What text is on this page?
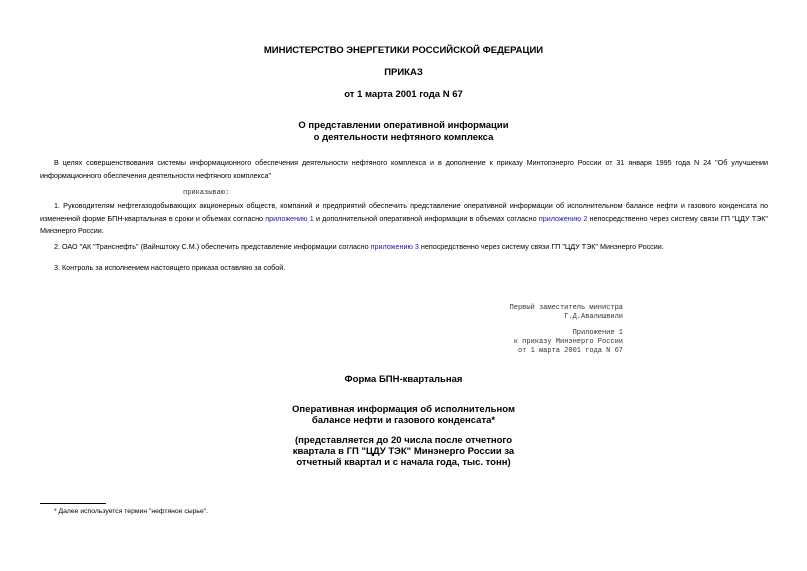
МИНИСТЕРСТВО ЭНЕРГЕТИКИ РОССИЙСКОЙ ФЕДЕРАЦИИ
ПРИКАЗ
от 1 марта 2001 года N 67
О представлении оперативной информации
о деятельности нефтяного комплекса
В целях совершенствования системы информационного обеспечения деятельности нефтяного комплекса и в дополнение к приказу Минтопэнерго России от 31 января 1995 года N 24 "Об улучшении информационного обеспечения деятельности нефтяного комплекса"
приказываю:
1. Руководителям нефтегазодобывающих акционерных обществ, компаний и предприятий обеспечить представление оперативной информации об исполнительном балансе нефти и газового конденсата по измененной форме БПН-квартальная в сроки и объемах согласно приложению 1 и дополнительной оперативной информации в объемах согласно приложению 2 непосредственно через систему связи ГП "ЦДУ ТЭК" Минэнерго России.
2. ОАО "АК "Транснефть" (Вайнштоку С.М.) обеспечить представление информации согласно приложению 3 непосредственно через систему связи ГП "ЦДУ ТЭК" Минэнерго России.
3. Контроль за исполнением настоящего приказа оставляю за собой.
Первый заместитель министра
Г.Д.Авалишвили
Приложение 1
к приказу Минэнерго России
от 1 марта 2001 года N 67
Форма БПН-квартальная
Оперативная информация об исполнительном
балансе нефти и газового конденсата*
(представляется до 20 числа после отчетного
квартала в ГП "ЦДУ ТЭК" Минэнерго России за
отчетный квартал и с начала года, тыс. тонн)
* Далее используется термин "нефтяное сырье".
